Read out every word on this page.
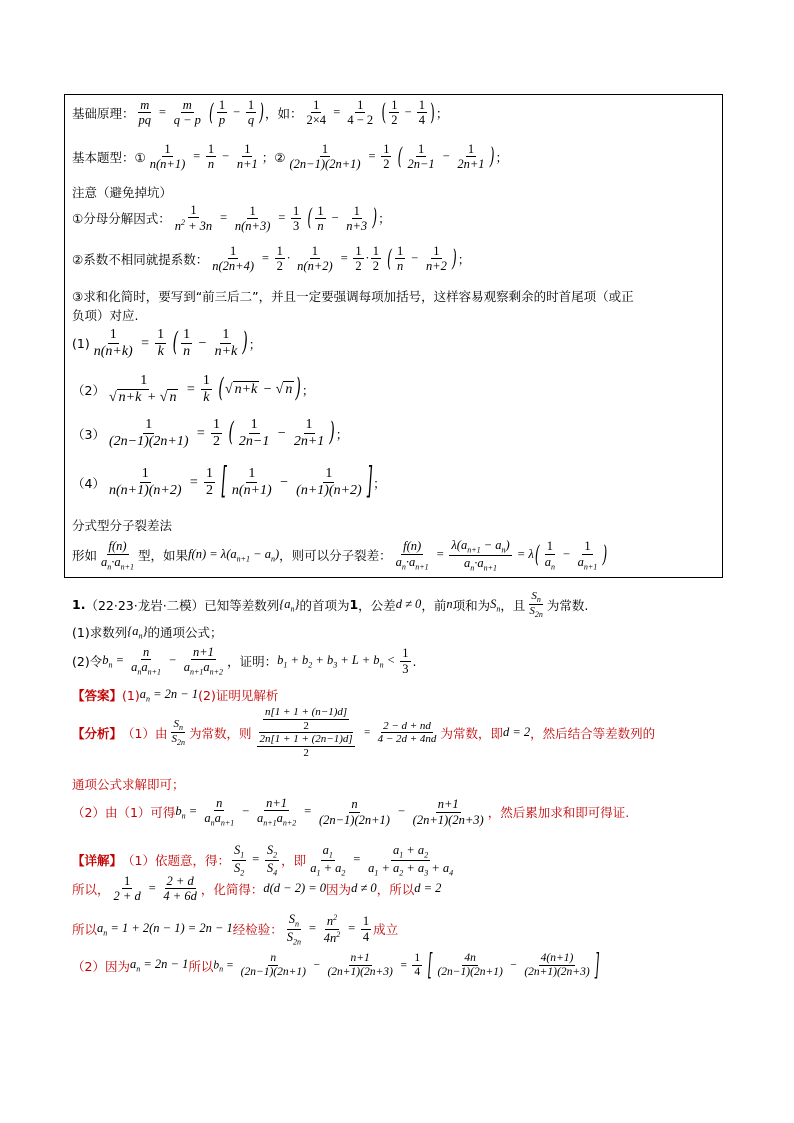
基础原理： $\frac{m}{pq} = \frac{m}{q - p}$ ( $\frac{1}{p} - \frac{1}{q}$ ) ，如： $\frac{1}{2\times 4} = \frac{1}{4 - 2}$ ( $\frac{1}{2} - \frac{1}{4}$ ) ；
基本题型：① $\frac{1}{n(n+1)} = \frac{1}{n} - \frac{1}{n+1}$ ；② $\frac{1}{(2n-1)(2n+1)} = \frac{1}{2}$ ( $\frac{1}{2n-1} - \frac{1}{2n+1}$ ) ；
注意（避免掉坑）
①分母分解因式： $\frac{1}{n^2 + 3n} = \frac{1}{n(n+3)} = \frac{1}{3}$ ( $\frac{1}{n} - \frac{1}{n+3}$ ) ；
②系数不相同就提系数： $\frac{1}{n(2n+4)} = \frac{1}{2} \cdot \frac{1}{n(n+2)} = \frac{1}{2} \cdot \frac{1}{2}$ ( $\frac{1}{n} - \frac{1}{n+2}$ ) ；
③求和化简时，要写到“前三后二”，并且一定要强调每项加括号，这样容易观察剩余的时首尾项（或正
负项）对应.
$(1) \frac{1}{n(n+k)} = \frac{1}{k}$ ( $\frac{1}{n} - \frac{1}{n+k}$ ) ；
$(2) \frac{1}{√ n+k + √ n} = \frac{1}{k}$ (√ n+k − √ n ) ；
$(3) \frac{1}{(2n-1)(2n+1)} = \frac{1}{2}$ ( $\frac{1}{2n-1} - \frac{1}{2n+1}$ ) ；
$(4) \frac{1}{n(n+1)(n+2)} = \frac{1}{2}$ [ $\frac{1}{n(n+1)} - \frac{1}{(n+1)(n+2)}$ ] ；
分式型分子裂差法
形如 $\frac{f(n)}{a_n\cdot a_{n+1}}$ 型，如果 $f(n) = \lambda(a_{n+1} - a_n)$ ，则可以分子裂差： $\frac{f(n)}{a_n\cdot a_{n+1}} = \frac{\lambda(a_{n+1} - a_n)}{a_n\cdot a_{n+1}} = \lambda( \frac{1}{a_n} - \frac{1}{a_{n+1}}$ )
1. （22·23·龙岩·二模） 已知等差数列 $\{a_n\}$ 的首项为 1 ，公差 d ≠ 0 ，前 n 项和为 $S_n$ ，且 $\frac{S_n}{S_{2n}}$ 为常数.
(1)求数列 $\{a_n\}$ 的通项公式；
(2)令 $b_n = \frac{n}{a_na_{n+1}} - \frac{n+1}{a_{n+1}a_{n+2}}$ ，证明： $b_1 + b_2 + b_3 + L + b_n < \frac{1}{3}$ .
【答案】 (1) $a_n = 2n - 1$ (2)证明见解析
【分析】 （1）由 $\frac{S_n}{S_{2n}}$ 为常数，则 $\frac{\frac{n[1 + 1 + (n-1)d]}{2}}{\frac{2n[1 + 1 + (2n-1)d]}{2}} = \frac{2 - d + nd}{4 - 2d + 4nd}$ 为常数，即 d = 2 ，然后结合等差数列的
通项公式求解即可；
（2）由（1）可得 $b_n = \frac{n}{a_na_{n+1}} - \frac{n+1}{a_{n+1}a_{n+2}} = \frac{n}{(2n-1)(2n+1)} - \frac{n+1}{(2n+1)(2n+3)}$ ，然后累加求和即可得证.
【详解】 （1）依题意，得： $\frac{S_1}{S_2} = \frac{S_2}{S_4}$ ，即 $\frac{a_1}{a_1 + a_2} = \frac{a_1 + a_2}{a_1 + a_2 + a_3 + a_4}$
所以， $\frac{1}{2 + d} = \frac{2 + d}{4 + 6d}$ ，化简得： d(d − 2) = 0 因为 d ≠ 0 ，所以 d = 2
所以 $a_n = 1 + 2(n - 1) = 2n - 1$ 经检验： $\frac{S_n}{S_{2n}} = \frac{n^2}{4n^2} = \frac{1}{4}$ 成立
（2）因为 $a_n = 2n - 1$ 所以 $b_n = \frac{n}{(2n-1)(2n+1)} - \frac{n+1}{(2n+1)(2n+3)} = \frac{1}{4}$ [ $\frac{4n}{(2n-1)(2n+1)} - \frac{4(n+1)}{(2n+1)(2n+3)}$ ]
